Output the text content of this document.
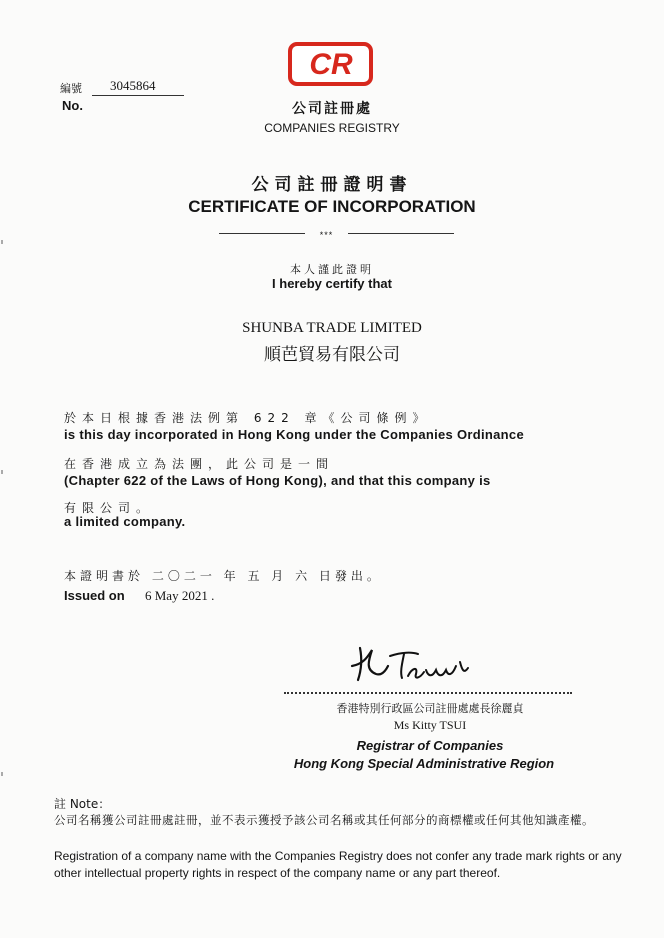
編號 3045864
No.
CR
公司註冊處
COMPANIES REGISTRY
公司註冊證明書
CERTIFICATE OF INCORPORATION
***
本人謹此證明
I hereby certify that
SHUNBA TRADE LIMITED
順芭貿易有限公司
於本日根據香港法例第 622 章《公司條例》
is this day incorporated in Hong Kong under the Companies Ordinance
在香港成立為法團，此公司是一間
(Chapter 622 of the Laws of Hong Kong), and that this company is
有限公司。
a limited company.
本證明書於 二〇二一 年 五 月 六 日發出。
Issued on 6 May 2021 .
香港特別行政區公司註冊處處長徐麗貞
Ms Kitty TSUI
Registrar of Companies
Hong Kong Special Administrative Region
註 Note：
公司名稱獲公司註冊處註冊，並不表示獲授予該公司名稱或其任何部分的商標權或任何其他知識產權。
Registration of a company name with the Companies Registry does not confer any trade mark rights or any other intellectual property rights in respect of the company name or any part thereof.
